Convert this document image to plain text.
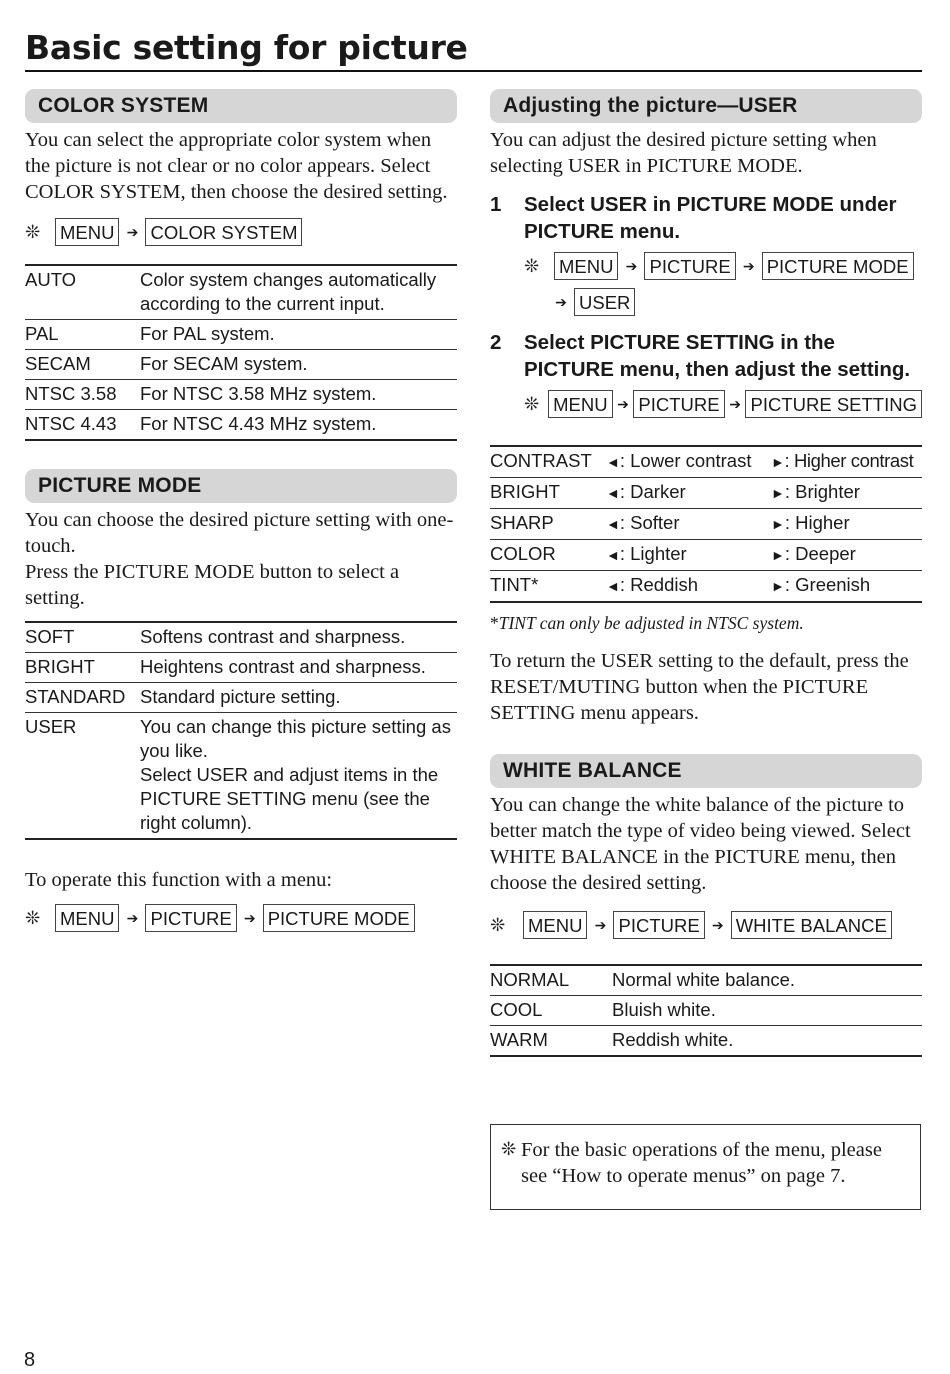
Basic setting for picture
COLOR SYSTEM
You can select the appropriate color system when the picture is not clear or no color appears. Select COLOR SYSTEM, then choose the desired setting.
❊	MENU ➔ COLOR SYSTEM
AUTO	Color system changes automatically according to the current input.
PAL	For PAL system.
SECAM	For SECAM system.
NTSC 3.58	For NTSC 3.58 MHz system.
NTSC 4.43	For NTSC 4.43 MHz system.
PICTURE MODE

You can choose the desired picture setting with one-touch.

Press the PICTURE MODE button to select a setting.

SOFT	Softens contrast and sharpness.
BRIGHT	Heightens contrast and sharpness.
STANDARD	Standard picture setting.
USER	You can change this picture setting as you like.
Select USER and adjust items in the PICTURE SETTING menu (see the right column).
To operate this function with a menu:
❊	MENU ➔ PICTURE ➔ PICTURE MODE
Adjusting the picture—USER
You can adjust the desired picture setting when selecting USER in PICTURE MODE.
1	Select USER in PICTURE MODE under PICTURE menu.
❊	MENU ➔ PICTURE ➔ PICTURE MODE
➔ USER
2	Select PICTURE SETTING in the PICTURE menu, then adjust the setting.
❊ MENU ➔ PICTURE ➔ PICTURE SETTING
CONTRAST	◄: Lower contrast	►: Higher contrast
BRIGHT	◄: Darker	►: Brighter
SHARP	◄: Softer	►: Higher
COLOR	◄: Lighter	►: Deeper
TINT*	◄: Reddish	►: Greenish
*TINT can only be adjusted in NTSC system.
To return the USER setting to the default, press the RESET/MUTING button when the PICTURE SETTING menu appears.
WHITE BALANCE
You can change the white balance of the picture to better match the type of video being viewed. Select WHITE BALANCE in the PICTURE menu, then choose the desired setting.
❊	MENU ➔ PICTURE ➔ WHITE BALANCE
NORMAL	Normal white balance.
COOL	Bluish white.
WARM	Reddish white.
❊ For the basic operations of the menu, please see “How to operate menus” on page 7.
8
